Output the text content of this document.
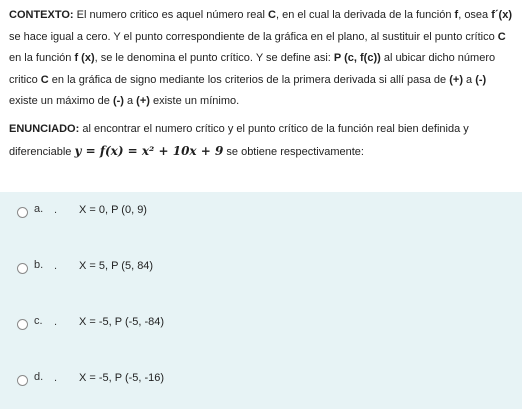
CONTEXTO: El numero critico es aquel número real C, en el cual la derivada de la función f, osea f´(x) se hace igual a cero. Y el punto correspondiente de la gráfica en el plano, al sustituir el punto crítico C en la función f (x), se le denomina el punto crítico. Y se define asi: P (c, f(c)) al ubicar dicho número critico C en la gráfica de signo mediante los criterios de la primera derivada si allí pasa de (+) a (-) existe un máximo de (-) a (+) existe un mínimo.

ENUNCIADO: al encontrar el numero crítico y el punto crítico de la función real bien definida y diferenciable y = f(x) = x² + 10x + 9 se obtiene respectivamente:

a. . X = 0, P (0, 9)
b. . X = 5, P (5, 84)
c. . X = -5, P (-5, -84)
d. . X = -5, P (-5, -16)
